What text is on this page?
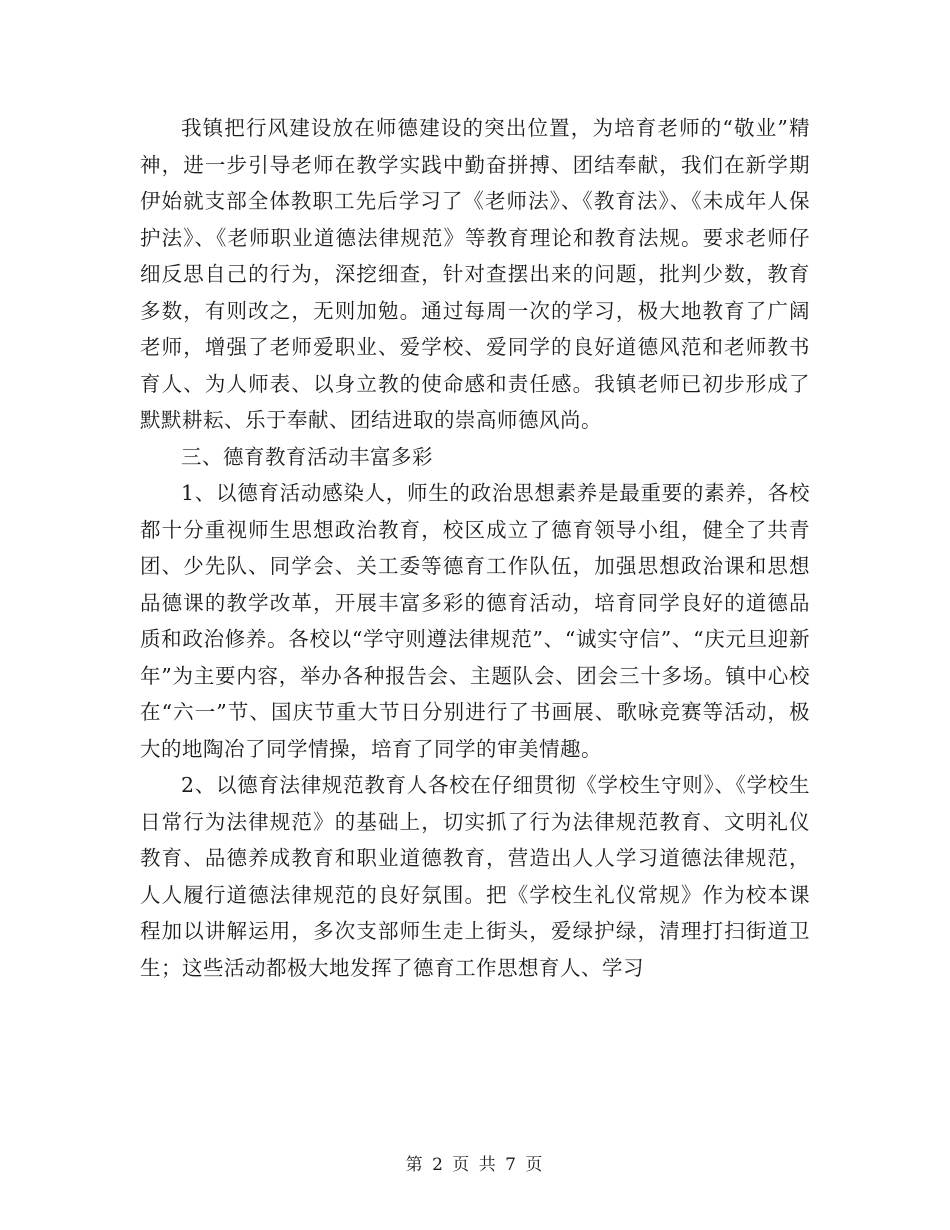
我镇把行风建设放在师德建设的突出位置，为培育老师的“敬业”精神，进一步引导老师在教学实践中勤奋拼搏、团结奉献，我们在新学期伊始就支部全体教职工先后学习了《老师法》、《教育法》、《未成年人保护法》、《老师职业道德法律规范》等教育理论和教育法规。要求老师仔细反思自己的行为，深挖细查，针对查摆出来的问题，批判少数，教育多数，有则改之，无则加勉。通过每周一次的学习，极大地教育了广阔老师，增强了老师爱职业、爱学校、爱同学的良好道德风范和老师教书育人、为人师表、以身立教的使命感和责任感。我镇老师已初步形成了默默耕耘、乐于奉献、团结进取的崇高师德风尚。

三、德育教育活动丰富多彩

1、以德育活动感染人，师生的政治思想素养是最重要的素养，各校都十分重视师生思想政治教育，校区成立了德育领导小组，健全了共青团、少先队、同学会、关工委等德育工作队伍，加强思想政治课和思想品德课的教学改革，开展丰富多彩的德育活动，培育同学良好的道德品质和政治修养。各校以“学守则遵法律规范”、“诚实守信”、“庆元旦迎新年”为主要内容，举办各种报告会、主题队会、团会三十多场。镇中心校在“六一”节、国庆节重大节日分别进行了书画展、歌咏竞赛等活动，极大的地陶冶了同学情操，培育了同学的审美情趣。

2、以德育法律规范教育人各校在仔细贯彻《学校生守则》、《学校生日常行为法律规范》的基础上，切实抓了行为法律规范教育、文明礼仪教育、品德养成教育和职业道德教育，营造出人人学习道德法律规范，人人履行道德法律规范的良好氛围。把《学校生礼仪常规》作为校本课程加以讲解运用，多次支部师生走上街头，爱绿护绿，清理打扫街道卫生；这些活动都极大地发挥了德育工作思想育人、学习

第 2 页 共 7 页
